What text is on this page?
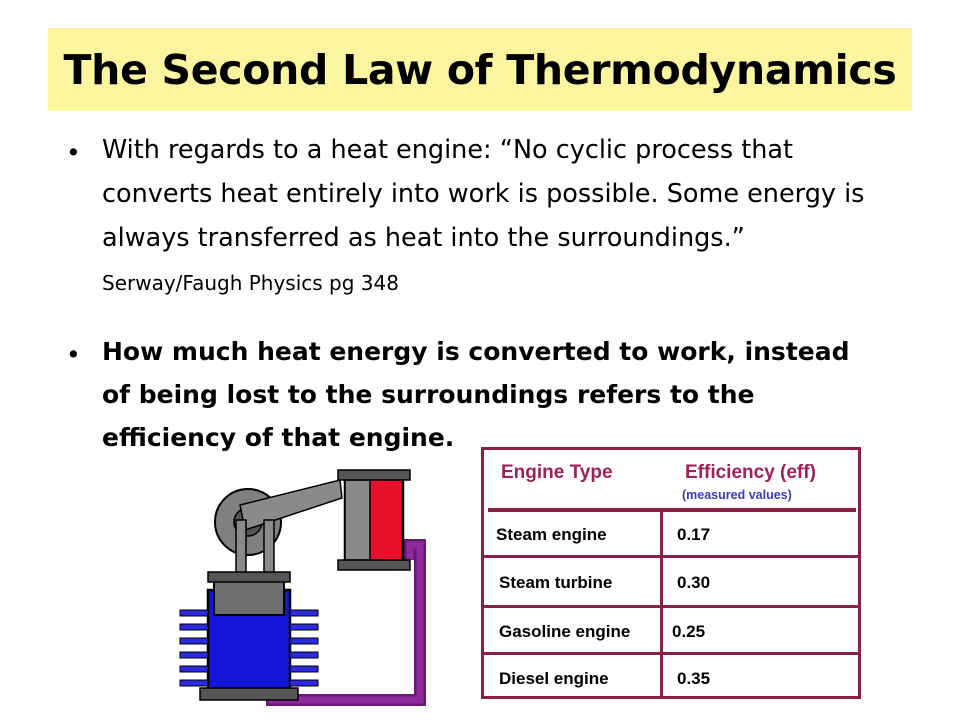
The Second Law of Thermodynamics
• With regards to a heat engine: “No cyclic process that converts heat entirely into work is possible. Some energy is always transferred as heat into the surroundings.”  Serway/Faugh Physics pg 348

• How much heat energy is converted to work, instead of being lost to the surroundings refers to the efficiency of that engine.

Engine Type	Efficiency (eff)
(measured values)
Steam engine	0.17
Steam turbine	0.30
Gasoline engine 0.25
Diesel engine	0.35
